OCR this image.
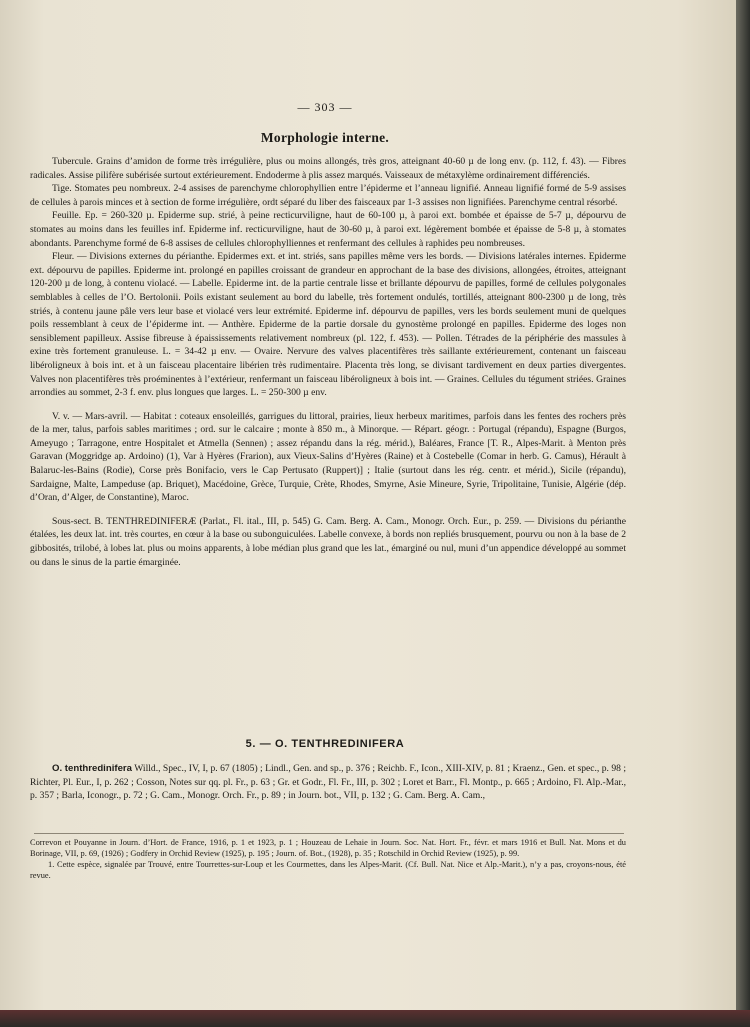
— 303 —
Morphologie interne.

Tubercule. Grains d’amidon de forme très irrégulière, plus ou moins allongés, très gros, atteignant 40-60 µ de long env. (p. 112, f. 43). — Fibres radicales. Assise pilifère subérisée surtout extérieurement. Endoderme à plis assez marqués. Vaisseaux de métaxylème ordinairement différenciés.

Tige. Stomates peu nombreux. 2-4 assises de parenchyme chlorophyllien entre l’épiderme et l’anneau lignifié. Anneau lignifié formé de 5-9 assises de cellules à parois minces et à section de forme irrégulière, ordt séparé du liber des faisceaux par 1-3 assises non lignifiées. Parenchyme central résorbé.

Feuille. Ep. = 260-320 µ. Epiderme sup. strié, à peine recticurviligne, haut de 60-100 µ, à paroi ext. bombée et épaisse de 5-7 µ, dépourvu de stomates au moins dans les feuilles inf. Epiderme inf. recticurviligne, haut de 30-60 µ, à paroi ext. légèrement bombée et épaisse de 5-8 µ, à stomates abondants. Parenchyme formé de 6-8 assises de cellules chlorophylliennes et renfermant des cellules à raphides peu nombreuses.

Fleur. — Divisions externes du périanthe. Epidermes ext. et int. striés, sans papilles même vers les bords. — Divisions latérales internes. Epiderme ext. dépourvu de papilles. Epiderme int. prolongé en papilles croissant de grandeur en approchant de la base des divisions, allongées, étroites, atteignant 120-200 µ de long, à contenu violacé. — Labelle. Epiderme int. de la partie centrale lisse et brillante dépourvu de papilles, formé de cellules polygonales semblables à celles de l’O. Bertolonii. Poils existant seulement au bord du labelle, très fortement ondulés, tortillés, atteignant 800-2300 µ de long, très striés, à contenu jaune pâle vers leur base et violacé vers leur extrémité. Epiderme inf. dépourvu de papilles, vers les bords seulement muni de quelques poils ressemblant à ceux de l’épiderme int. — Anthère. Epiderme de la partie dorsale du gynostème prolongé en papilles. Epiderme des loges non sensiblement papilleux. Assise fibreuse à épaississements relativement nombreux (pl. 122, f. 453). — Pollen. Tétrades de la périphérie des massules à exine très fortement granuleuse. L. = 34-42 µ env. — Ovaire. Nervure des valves placentifères très saillante extérieurement, contenant un faisceau libéroligneux à bois int. et à un faisceau placentaire libérien très rudimentaire. Placenta très long, se divisant tardivement en deux parties divergentes. Valves non placentifères très proéminentes à l’extérieur, renfermant un faisceau libéroligneux à bois int. — Graines. Cellules du tégument striées. Graines arrondies au sommet, 2-3 f. env. plus longues que larges. L. = 250-300 µ env.

V. v. — Mars-avril. — Habitat : coteaux ensoleillés, garrigues du littoral, prairies, lieux herbeux maritimes, parfois dans les fentes des rochers près de la mer, talus, parfois sables maritimes ; ord. sur le calcaire ; monte à 850 m., à Minorque. — Répart. géogr. : Portugal (répandu), Espagne (Burgos, Ameyugo ; Tarragone, entre Hospitalet et Atmella (Sennen) ; assez répandu dans la rég. mérid.), Baléares, France [T. R., Alpes-Marit. à Menton près Garavan (Moggridge ap. Ardoino) (1), Var à Hyères (Frarion), aux Vieux-Salins d’Hyères (Raine) et à Costebelle (Comar in herb. G. Camus), Hérault à Balaruc-les-Bains (Rodie), Corse près Bonifacio, vers le Cap Pertusato (Ruppert)] ; Italie (surtout dans les rég. centr. et mérid.), Sicile (répandu), Sardaigne, Malte, Lampeduse (ap. Briquet), Macédoine, Grèce, Turquie, Crète, Rhodes, Smyrne, Asie Mineure, Syrie, Tripolitaine, Tunisie, Algérie (dép. d’Oran, d’Alger, de Constantine), Maroc.

Sous-sect. B. TENTHREDINIFERÆ (Parlat., Fl. ital., III, p. 545) G. Cam. Berg. A. Cam., Monogr. Orch. Eur., p. 259. — Divisions du périanthe étalées, les deux lat. int. très courtes, en cœur à la base ou subonguiculées. Labelle convexe, à bords non repliés brusquement, pourvu ou non à la base de 2 gibbosités, trilobé, à lobes lat. plus ou moins apparents, à lobe médian plus grand que les lat., émarginé ou nul, muni d’un appendice développé au sommet ou dans le sinus de la partie émarginée.

5. — O. TENTHREDINIFERA

O. tenthredinifera Willd., Spec., IV, I, p. 67 (1805) ; Lindl., Gen. and sp., p. 376 ; Reichb. F., Icon., XIII-XIV, p. 81 ; Kraenz., Gen. et spec., p. 98 ; Richter, Pl. Eur., I, p. 262 ; Cosson, Notes sur qq. pl. Fr., p. 63 ; Gr. et Godr., Fl. Fr., III, p. 302 ; Loret et Barr., Fl. Montp., p. 665 ; Ardoino, Fl. Alp.-Mar., p. 357 ; Barla, Iconogr., p. 72 ; G. Cam., Monogr. Orch. Fr., p. 89 ; in Journ. bot., VII, p. 132 ; G. Cam. Berg. A. Cam.,

Correvon et Pouyanne in Journ. d’Hort. de France, 1916, p. 1 et 1923, p. 1 ; Houzeau de Lehaie in Journ. Soc. Nat. Hort. Fr., févr. et mars 1916 et Bull. Nat. Mons et du Borinage, VII, p. 69, (1926) ; Godfery in Orchid Review (1925), p. 195 ; Journ. of. Bot., (1928), p. 35 ; Rotschild in Orchid Review (1925), p. 99.

1. Cette espèce, signalée par Trouvé, entre Tourrettes-sur-Loup et les Courmettes, dans les Alpes-Marit. (Cf. Bull. Nat. Nice et Alp.-Marit.), n’y a pas, croyons-nous, été revue.
